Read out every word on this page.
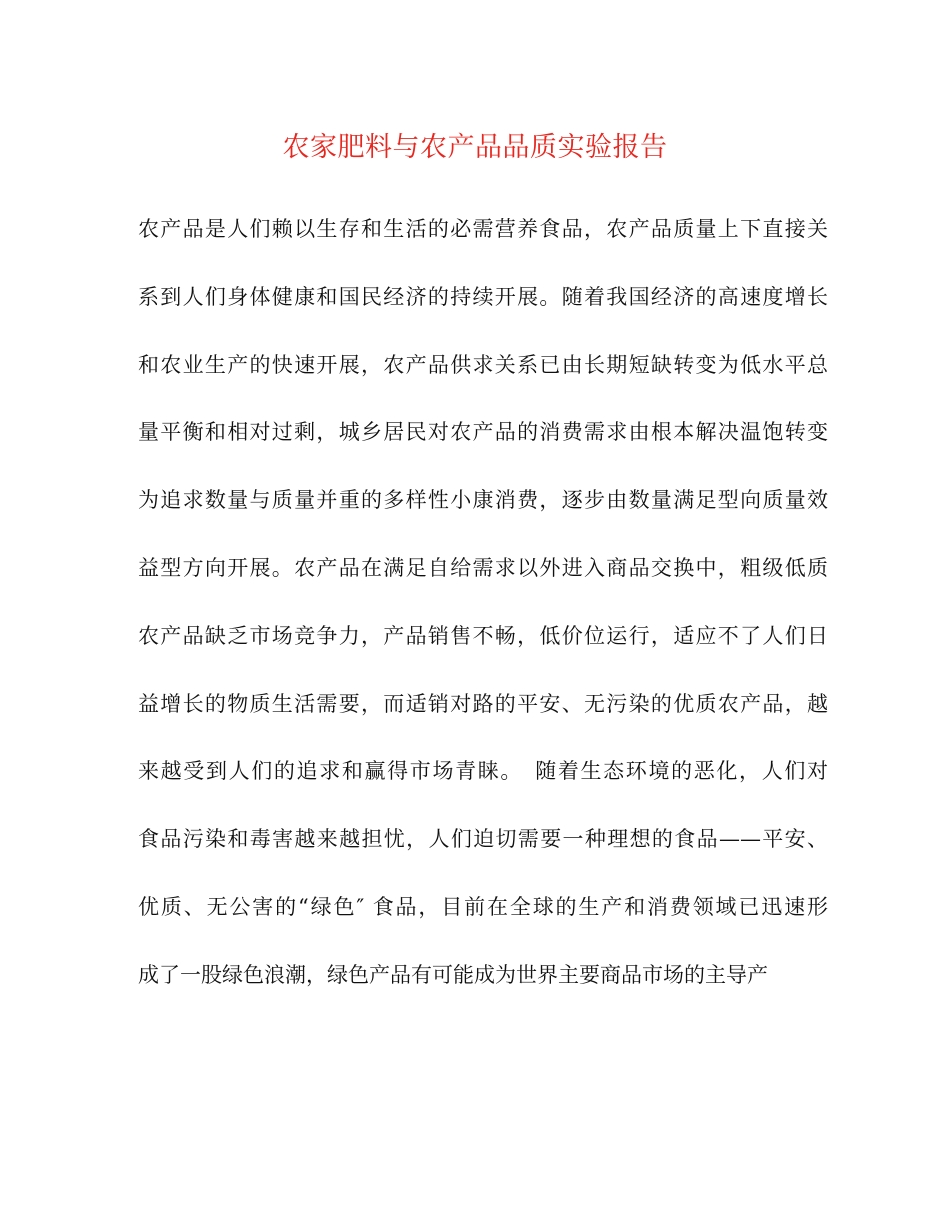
农家肥料与农产品品质实验报告
农产品是人们赖以生存和生活的必需营养食品，农产品质量上下直接关
系到人们身体健康和国民经济的持续开展。随着我国经济的高速度增长
和农业生产的快速开展，农产品供求关系已由长期短缺转变为低水平总
量平衡和相对过剩，城乡居民对农产品的消费需求由根本解决温饱转变
为追求数量与质量并重的多样性小康消费，逐步由数量满足型向质量效
益型方向开展。农产品在满足自给需求以外进入商品交换中，粗级低质
农产品缺乏市场竞争力，产品销售不畅，低价位运行，适应不了人们日
益增长的物质生活需要，而适销对路的平安、无污染的优质农产品，越
来越受到人们的追求和赢得市场青睐。　随着生态环境的恶化，人们对
食品污染和毒害越来越担忧，人们迫切需要一种理想的食品——平安、
优质、无公害的“绿色″ 食品，目前在全球的生产和消费领域已迅速形
成了一股绿色浪潮，绿色产品有可能成为世界主要商品市场的主导产
